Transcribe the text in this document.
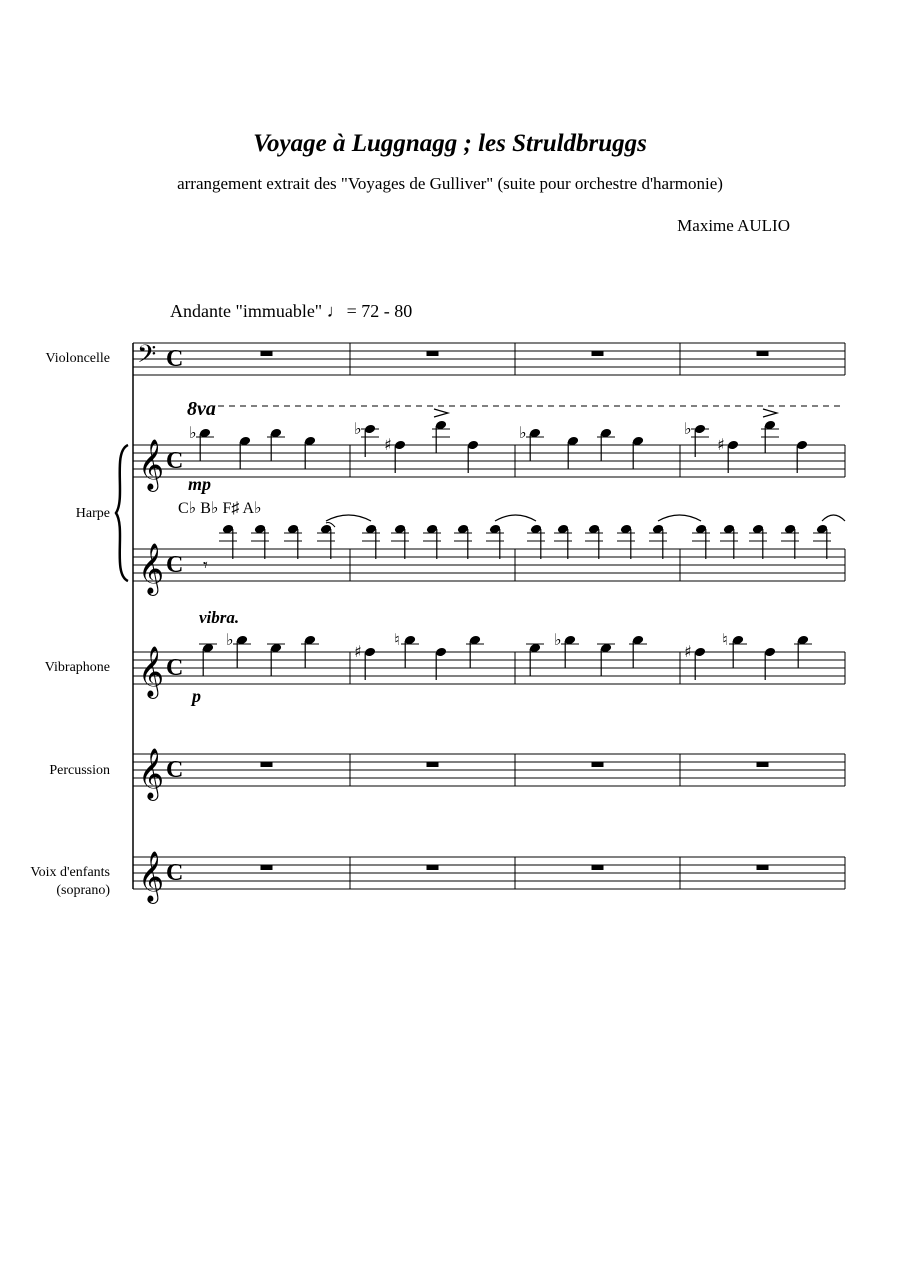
Voyage à Luggnagg ; les Struldbruggs
arrangement extrait des "Voyages de Gulliver" (suite pour orchestre d'harmonie)
Maxime AULIO
Andante "immuable" ♩ = 72 - 80
Violoncelle
Harpe
Vibraphone
Percussion
Voix d'enfants
(soprano)
𝄢 C
𝄞 C
𝄞 C
𝄞 C
𝄞 C
𝄞 C
8va
mp
C♭ B♭ F♯ A♭
vibra.
p
♭	♭
♯
♭	♭
♯
𝄾
♭
♯
♮	♭
♯
♮
